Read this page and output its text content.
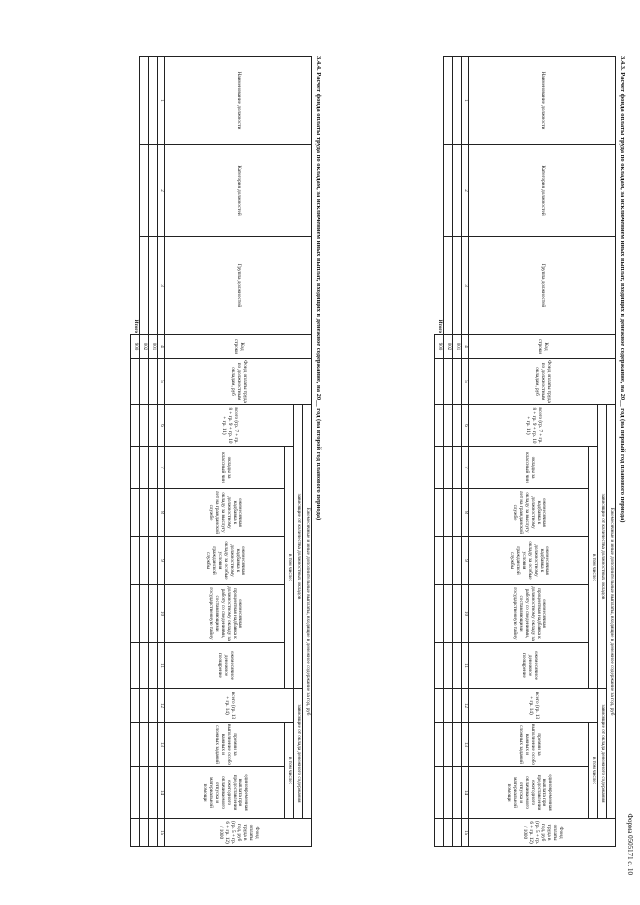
Форма 0505171 с. 10
3.4.3. Расчет фонда оплаты труда по окладам, за исключением иных выплат, входящих в денежное содержание, на 20__ год (на первый год планового периода)
Наименование должности	Категория должностей	Группа должностей	Код строки	Фонд оплаты труда по должностным окладам, руб	Ежемесячные и иные дополнительные выплаты, входящие в денежное содержание за год, руб									Фонд оплаты труда в год, руб (гр. 5 + гр. 6 + гр. 12) / 1000
					зависящие от количества должностных окладов						зависящие от оклада денежного содержания			
					всего (гр. 7 + гр. 8 + гр. 9 + гр. 10 + гр. 11)	в том числе:					всего (гр. 13 + гр. 14)	в том числе:		
						оклады за классный чин	ежемесячная надбавка к должностному окладу за выслугу лет на гражданской службе	ежемесячная надбавка к должностному окладу за особые условия гражданской службы	ежемесячная процентная надбавка к должностному окладу за работу со сведениями, составляющими государственную тайну	ежемесячное денежное поощрение		премии за выполнение особо важных и сложных заданий	единовременная выплата при предоставлении ежегодного оплачиваемого отпуска и материальной помощи	
1	2	3	4	5	6	7	8	9	10	11	12	13	14	15
			001											
			002											
		Итого	900											
3.4.4. Расчет фонда оплаты труда по окладам, за исключением иных выплат, входящих в денежное содержание, на 20__ год (на второй год планового периода)
Наименование должности	Категория должностей	Группа должностей	Код строки	Фонд оплаты труда по должностным окладам, руб	Ежемесячные и иные дополнительные выплаты, входящие в денежное содержание за год, руб									Фонд оплаты труда в год, руб (гр. 5 + гр. 6 + гр. 12) / 1000
					зависящие от количества должностных окладов						зависящие от оклада денежного содержания			
					всего (гр. 7 + гр. 8 + гр. 9 + гр. 10 + гр. 11)	в том числе:					всего (гр. 13 + гр. 14)	в том числе:		
						оклады за классный чин	ежемесячная надбавка к должностному окладу за выслугу лет на гражданской службе	ежемесячная надбавка к должностному окладу за особые условия гражданской службы	ежемесячная процентная надбавка к должностному окладу за работу со сведениями, составляющими государственную тайну	ежемесячное денежное поощрение		премии за выполнение особо важных и сложных заданий	единовременная выплата при предоставлении ежегодного оплачиваемого отпуска и материальной помощи	
1	2	3	4	5	6	7	8	9	10	11	12	13	14	15
			001											
			002											
		Итого	900											
